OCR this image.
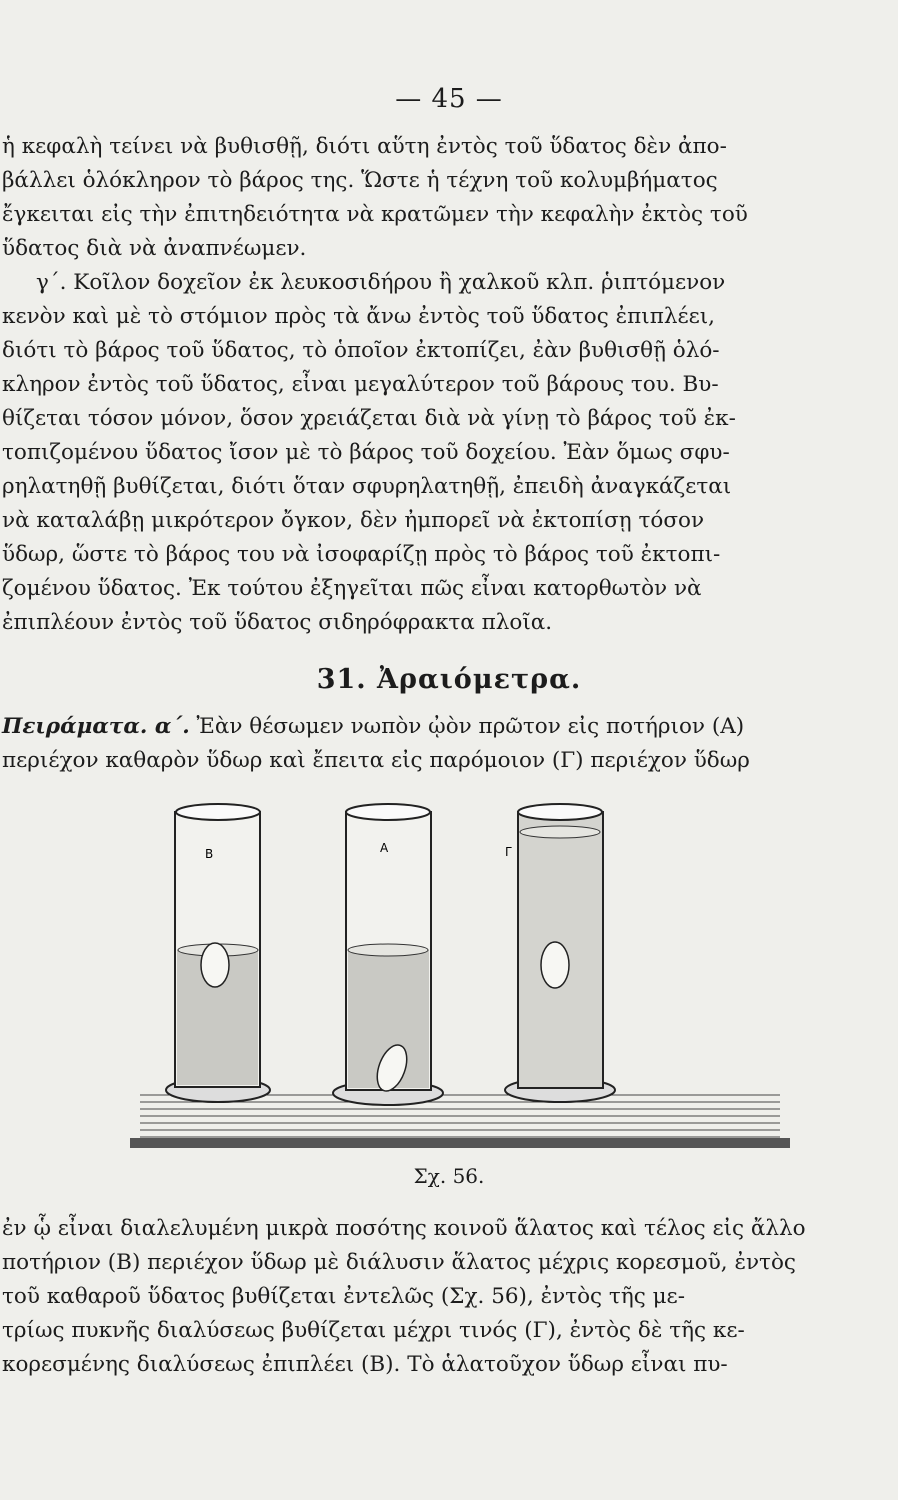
— 45 —
ἡ κεφαλὴ τείνει νὰ βυθισθῇ, διότι αὕτη ἐντὸς τοῦ ὕδατος δὲν ἀπο-
βάλλει ὁλόκληρον τὸ βάρος της. Ὥστε ἡ τέχνη τοῦ κολυμβήματος
ἔγκειται εἰς τὴν ἐπιτηδειότητα νὰ κρατῶμεν τὴν κεφαλὴν ἐκτὸς τοῦ
ὕδατος διὰ νὰ ἀναπνέωμεν.
γ΄. Κοῖλον δοχεῖον ἐκ λευκοσιδήρου ἢ χαλκοῦ κλπ. ῥιπτόμενον
κενὸν καὶ μὲ τὸ στόμιον πρὸς τὰ ἄνω ἐντὸς τοῦ ὕδατος ἐπιπλέει,
διότι τὸ βάρος τοῦ ὕδατος, τὸ ὁποῖον ἐκτοπίζει, ἐὰν βυθισθῇ ὁλό-
κληρον ἐντὸς τοῦ ὕδατος, εἶναι μεγαλύτερον τοῦ βάρους του. Βυ-
θίζεται τόσον μόνον, ὅσον χρειάζεται διὰ νὰ γίνῃ τὸ βάρος τοῦ ἐκ-
τοπιζομένου ὕδατος ἴσον μὲ τὸ βάρος τοῦ δοχείου. Ἐὰν ὅμως σφυ-
ρηλατηθῇ βυθίζεται, διότι ὅταν σφυρηλατηθῇ, ἐπειδὴ ἀναγκάζεται
νὰ καταλάβῃ μικρότερον ὄγκον, δὲν ἠμπορεῖ νὰ ἐκτοπίσῃ τόσον
ὕδωρ, ὥστε τὸ βάρος του νὰ ἰσοφαρίζῃ πρὸς τὸ βάρος τοῦ ἐκτοπι-
ζομένου ὕδατος. Ἐκ τούτου ἐξηγεῖται πῶς εἶναι κατορθωτὸν νὰ
ἐπιπλέουν ἐντὸς τοῦ ὕδατος σιδηρόφρακτα πλοῖα.
31. Ἀραιόμετρα.
Πειράματα. α΄. Ἐὰν θέσωμεν νωπὸν ᾠὸν πρῶτον εἰς ποτήριον (Α)
περιέχον καθαρὸν ὕδωρ καὶ ἔπειτα εἰς παρόμοιον (Γ) περιέχον ὕδωρ
Β	Α	Γ
Σχ. 56.
ἐν ᾧ εἶναι διαλελυμένη μικρὰ ποσότης κοινοῦ ἅλατος καὶ τέλος εἰς ἄλλο
ποτήριον (Β) περιέχον ὕδωρ μὲ διάλυσιν ἅλατος μέχρις κορεσμοῦ, ἐντὸς
τοῦ καθαροῦ ὕδατος βυθίζεται ἐντελῶς (Σχ. 56), ἐντὸς τῆς με-
τρίως πυκνῆς διαλύσεως βυθίζεται μέχρι τινός (Γ), ἐντὸς δὲ τῆς κε-
κορεσμένης διαλύσεως ἐπιπλέει (Β). Τὸ ἁλατοῦχον ὕδωρ εἶναι πυ-
